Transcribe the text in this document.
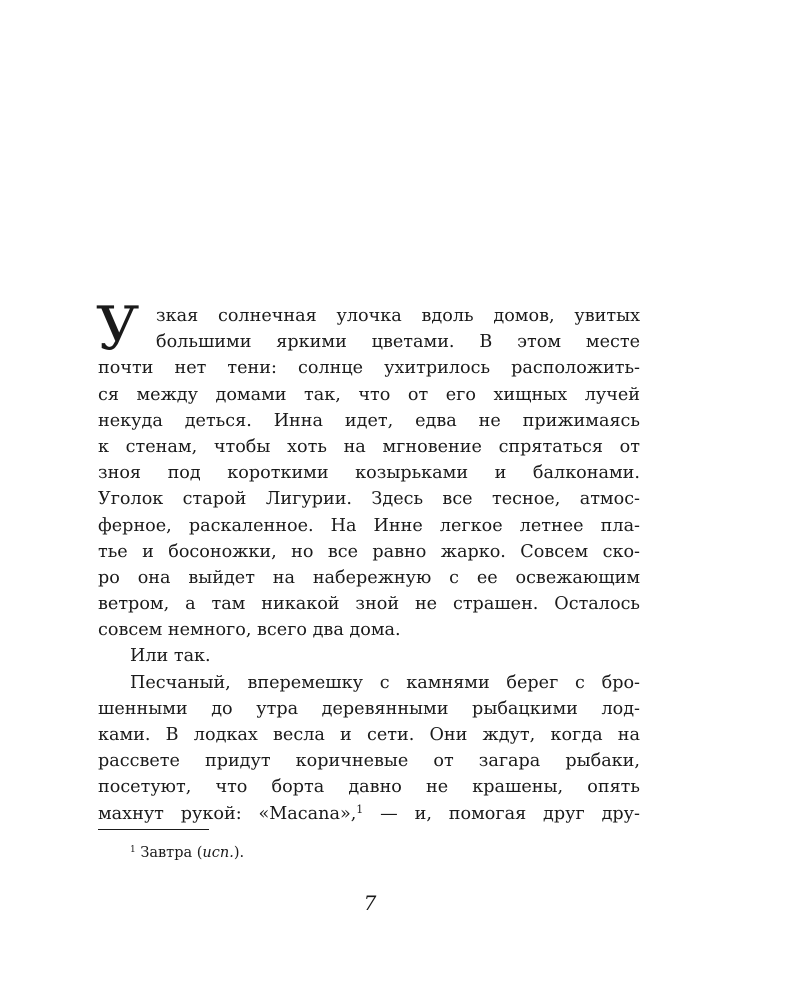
У зкая солнечная улочка вдоль домов, увитых
большими яркими цветами. В этом месте
почти нет тени: солнце ухитрилось расположить-
ся между домами так, что от его хищных лучей
некуда деться. Инна идет, едва не прижимаясь
к стенам, чтобы хоть на мгновение спрятаться от
зноя под короткими козырьками и балконами.
Уголок старой Лигурии. Здесь все тесное, атмос-
ферное, раскаленное. На Инне легкое летнее пла-
тье и босоножки, но все равно жарко. Совсем ско-
ро она выйдет на набережную с ее освежающим
ветром, а там никакой зной не страшен. Осталось
совсем немного, всего два дома.
Или так.
Песчаный, вперемешку с камнями берег с бро-
шенными до утра деревянными рыбацкими лод-
ками. В лодках весла и сети. Они ждут, когда на
рассвете придут коричневые от загара рыбаки,
посетуют, что борта давно не крашены, опять
махнут рукой: «Macana»,$^1$ — и, помогая друг дру-
$^1$ Завтра (исп.).
7
